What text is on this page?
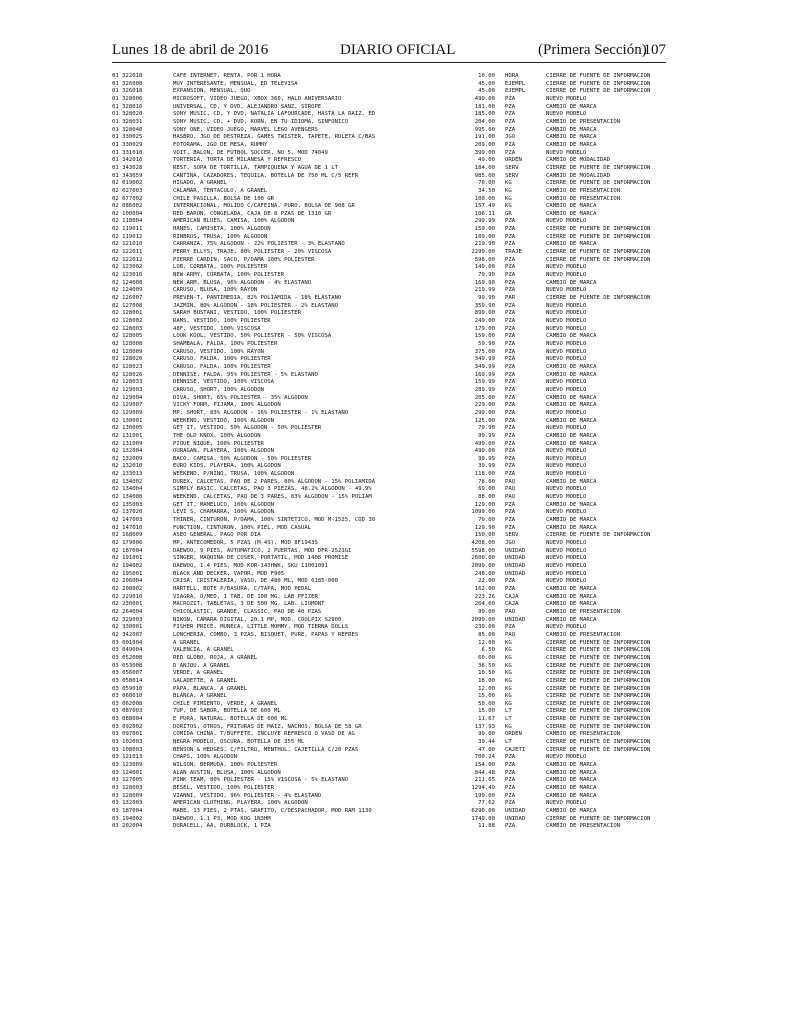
Lunes 18 de abril de 2016	DIARIO OFICIAL	(Primera Sección)
107
01 322018	CAFE INTERNET, RENTA, POR 1 HORA	10.00 HORA	CIERRE DE FUENTE DE INFORMACION
01 326008	MUY INTERESANTE, MENSUAL, ED TELEVISA	45.00 EJEMPL	CIERRE DE FUENTE DE INFORMACION
01 326018	EXPANSION, MENSUAL, QUO	45.00 EJEMPL	CIERRE DE FUENTE DE INFORMACION
01 328006	MICROSOFT, VIDEO JUEGO, XBOX 360, HALO ANIVERSARIO	499.00 PZA	NUEVO MODELO
01 328016	UNIVERSAL, CD, Y DVD, ALEJANDRO SANZ, SIROPE	181.00 PZA	CAMBIO DE MARCA
01 328020	SONY MUSIC, CD, Y DVD, NATALIA LAFOURCADE, HASTA LA RAIZ, ED	185.00 PZA	NUEVO MODELO
01 328031	SONY MUSIC, CD, + DVD, KORN, EN TU IDIOMA, SINFONICO	204.00 PZA	CAMBIO DE PRESENTACION
01 328040	SONY ONE, VIDEO JUEGO, MARVEL LEGO AVENGERS	995.00 PZA	CAMBIO DE MARCA
01 330025	HASBRO, JGO DE DESTREZA, GAMES TWISTER, TAPETE, RULETA C/BAS	191.00 JGO	CAMBIO DE MARCA
01 330029	FOTORAMA, JGO DE MESA, RUMMY	209.00 PZA	CAMBIO DE MARCA
01 331010	VOIT, BALON, DE FUTBOL SOCCER, NO 5, MOD 74049	399.00 PZA	NUEVO MODELO
01 342016	TORTERIA, TORTA DE MILANESA Y REFRESCO	49.00 ORDEN	CAMBIO DE MODALIDAD
01 343028	REST, SOPA DE TORTILLA, TAMPIQUEÑA Y AGUA DE 1 LT	184.00 SERV	CIERRE DE FUENTE DE INFORMACION
01 343059	CANTINA, CAZADORES, TEQUILA, BOTELLA DE 750 ML C/5 REFR	985.00 SERV	CAMBIO DE MODALIDAD
02 019002	HIGADO, A GRANEL	70.00 KG	CIERRE DE FUENTE DE INFORMACION
02 027003	CALAMAR, TENTACULO, A GRANEL	34.50 KG	CAMBIO DE PRESENTACION
02 077002	CHILE PASILLA, BOLSA DE 100 GR	100.00 KG	CAMBIO DE PRESENTACION
02 086002	INTERNACIONAL, MOLIDO C/CAFEINA, PURO, BOLSA DE 908 GR	157.49 KG	CAMBIO DE MARCA
02 100004	RED BARON, CONGELADA, CAJA DE 8 PZAS DE 1310 GR	106.11 GR	CAMBIO DE MARCA
02 118004	AMERICAN BLUES, CAMISA, 100% ALGODON	299.99 PZA	NUEVO MODELO
02 119011	HANES, CAMISETA, 100% ALGODON	159.00 PZA	CIERRE DE FUENTE DE INFORMACION
02 119012	RINBROS, TRUSA, 100% ALGODON	109.00 PZA	CIERRE DE FUENTE DE INFORMACION
02 121010	CARRANZA, 75% ALGODON - 22% POLIESTER - 3% ELASTANO	219.90 PZA	CAMBIO DE MARCA
02 122011	PERRY ELLYS, TRAJE, 80% POLIESTER - 20% VISCOSA	2299.00 TRAJE	CIERRE DE FUENTE DE INFORMACION
02 122012	PIERRE CARDIN, SACO, P/DAMA 100% POLIESTER	598.00 PZA	CIERRE DE FUENTE DE INFORMACION
02 123002	LOB, CORBATA, 100% POLIESTER	149.00 PZA	NUEVO MODELO
02 123016	NEW ARMY, CORBATA, 100% POLIESTER	79.90 PZA	NUEVO MODELO
02 124008	NEW ARM, BLUSA, 96% ALGODON - 4% ELASTANO	169.90 PZA	CAMBIO DE MARCA
02 124009	CARUSO, BLUSA, 100% RAYON	219.99 PZA	NUEVO MODELO
02 126007	PREVEN-T, PANTIMEDIA, 82% POLIAMIDA - 18% ELASTANO	99.90 PAR	CIERRE DE FUENTE DE INFORMACION
02 127008	JAZMIN, 80% ALGODON - 18% POLIESTER - 2% ELASTANO	359.90 PZA	NUEVO MODELO
02 128001	SARAH BUSTANI, VESTIDO, 100% POLIESTER	899.00 PZA	NUEVO MODELO
02 128002	RAMS, VESTIDO, 100% POLIESTER	249.00 PZA	NUEVO MODELO
02 128003	48F, VESTIDO, 100% VISCOSA	179.00 PZA	NUEVO MODELO
02 128005	LOOK KOOL, VESTIDO, 50% POLIESTER - 50% VISCOSA	159.00 PZA	CAMBIO DE MARCA
02 128008	SHAMBALA, FALDA, 100% POLIESTER	59.90 PZA	NUEVO MODELO
02 128009	CARUSO, VESTIDO, 100% RAYON	375.00 PZA	NUEVO MODELO
02 128020	CARUSO, FALDA, 100% POLIESTER	349.99 PZA	NUEVO MODELO
02 128023	CARUSO, FALDA, 100% POLIESTER	349.99 PZA	CAMBIO DE MARCA
02 128026	DENNISE, FALDA, 95% POLIESTER - 5% ELASTANO	169.99 PZA	CAMBIO DE MARCA
02 128033	DENNISE, VESTIDO, 100% VISCOSA	159.99 PZA	NUEVO MODELO
02 129003	CARUSO, SHORT, 100% ALGODON	289.99 PZA	NUEVO MODELO
02 129004	DIVA, SHORT, 65% POLIESTER - 35% ALGODON	205.00 PZA	CAMBIO DE MARCA
02 129007	VICKY FORM, PIJAMA, 100% ALGODON	229.00 PZA	CAMBIO DE MARCA
02 129009	MP, SHORT, 83% ALGODON - 16% POLIESTER - 1% ELASTANO	299.00 PZA	NUEVO MODELO
02 130001	WEEKEND, VESTIDO, 100% ALGODON	125.00 PZA	CAMBIO DE MARCA
02 130005	GET IT, VESTIDO, 50% ALGODON - 50% POLIESTER	79.90 PZA	NUEVO MODELO
02 131001	THE OLD KNOX, 100% ALGODON	99.99 PZA	CAMBIO DE MARCA
02 131009	PIQUE NIQUE, 100% POLIESTER	499.00 PZA	CAMBIO DE MARCA
02 132004	OURAGAN, PLAYERA, 100% ALGODON	499.00 PZA	NUEVO MODELO
02 132009	BACO, CAMISA, 50% ALGODON - 50% POLIESTER	99.99 PZA	NUEVO MODELO
02 132010	EURO KIDS, PLAYERA, 100% ALGODON	39.99 PZA	NUEVO MODELO
02 133013	WEEKEND, P/NIÑO, TRUSA, 100% ALGODON	118.00 PZA	NUEVO MODELO
02 134002	DUREX, CALCETAS, PAQ DE 2 PARES, 80% ALGODON - 15% POLIAMIDA	78.00 PAQ	CAMBIO DE MARCA
02 134004	SIMPLY BASIC, CALCETAS, PAQ 3 PIEZAS, 48.2% ALGODON - 49.9%	69.00 PAQ	NUEVO MODELO
02 134008	WEEKEND, CALCETAS, PAQ DE 3 PARES, 83% ALGODON - 15% POLIAM	88.00 PAQ	NUEVO MODELO
02 135003	GET IT, MAMELUCO, 100% ALGODON	129.00 PZA	CAMBIO DE MARCA
02 137020	LEVI´S, CHAMARRA, 100% ALGODON	1099.00 PZA	NUEVO MODELO
02 147003	THINER, CINTURON, P/DAMA, 100% SINTETICO, MOD M-1525, COD 30	79.00 PZA	CAMBIO DE MARCA
02 147010	FUNCTION, CINTURON, 100% PIEL, MOD CASUAL	129.90 PZA	CAMBIO DE MARCA
02 168009	ASEO GENERAL, PAGO POR DIA	150.00 SERV	CIERRE DE FUENTE DE INFORMACION
02 179006	MP, ANTECOMEDOR, 5 PZAS (M-4S), MOD 8F1943S	4208.00 JGO	NUEVO MODELO
02 187004	DAEWOO, 9 PIES, AUTOMATICO, 2 PUERTAS, MOD DFR-2521GI	5598.00 UNIDAD	NUEVO MODELO
02 191001	SINGER, MAQUINA DE COSER, PORTATIL, MOD 1408 PROMISE	2600.00 UNIDAD	NUEVO MODELO
02 194002	DAEWOO, 1.4 PIES, MOD KOR-143HWK, SKU 11001091	2099.00 UNIDAD	NUEVO MODELO
02 195001	BLACK AND DECKER, VAPOR, MOD F905	248.00 UNIDAD	NUEVO MODELO
02 206004	CRISA, CRISTALERIA, VASO, DE 480 ML, MOD 6185-000	22.00 PZA	NUEVO MODELO
02 208002	HARTELL, BOTE P/BASURA, C/TAPA, MOD PEDAL	162.00 PZA	CAMBIO DE MARCA
02 229010	VIAGRA, O/MED, 1 TAB, DE 100 MG, LAB PFIZER	223.26 CAJA	CAMBIO DE MARCA
02 230001	MACROZIT, TABLETAS, 3 DE 500 MG, LAB. LIOMONT	264.60 CAJA	CAMBIO DE MARCA
02 264004	CHICOLASTIC, GRANDE, CLASSIC, PAQ DE 40 PZAS	99.00 PAQ	CAMBIO DE PRESENTACION
02 329003	NIKON, CAMARA DIGITAL, 20.1 MP, MOD. COOLPIX S2900	2099.00 UNIDAD	CAMBIO DE MARCA
02 330001	FISHER PRICE, MUÑECA, LITTLE MOMMY, MOD TIERNA DOLLS	239.00 PZA	NUEVO MODELO
02 342007	LONCHERIA, COMBO, 3 PZAS, BISQUET, PURE, PAPAS Y REFRES	85.00 PAQ	CAMBIO DE PRESENTACION
03 001004	A GRANEL	12.00 KG	CIERRE DE FUENTE DE INFORMACION
03 049004	VALENCIA, A GRANEL	6.50 KG	CIERRE DE FUENTE DE INFORMACION
03 052008	RED GLOBO, ROJA, A GRANEL	60.00 KG	CIERRE DE FUENTE DE INFORMACION
03 053008	D´ANJOU, A GRANEL	36.50 KG	CIERRE DE FUENTE DE INFORMACION
03 056007	VERDE, A GRANEL	10.50 KG	CIERRE DE FUENTE DE INFORMACION
03 058014	SALADETTE, A GRANEL	18.00 KG	CIERRE DE FUENTE DE INFORMACION
03 059010	PAPA, BLANCA, A GRANEL	12.00 KG	CIERRE DE FUENTE DE INFORMACION
03 060010	BLANCA, A GRANEL	15.00 KG	CIERRE DE FUENTE DE INFORMACION
03 062008	CHILE PIMIENTO, VERDE, A GRANEL	50.00 KG	CIERRE DE FUENTE DE INFORMACION
03 087003	7UP, DE SABOR, BOTELLA DE 600 ML	15.00 LT	CIERRE DE FUENTE DE INFORMACION
03 088004	E PURA, NATURAL, BOTELLA DE 600 ML	11.67 LT	CIERRE DE FUENTE DE INFORMACION
03 092002	DORITOS, OTROS, FRITURAS DE MAIZ, NACHOS, BOLSA DE 58 GR	137.93 KG	CIERRE DE FUENTE DE INFORMACION
03 097001	COMIDA CHINA, T/BUFFETE, INCLUYE REFRESCO O VASO DE AG	99.00 ORDEN	CAMBIO DE PRESENTACION
03 102003	NEGRA MODELO, OSCURA, BOTELLA DE 355 ML	39.44 LT	CIERRE DE FUENTE DE INFORMACION
03 108003	BENSON & HEDGES, C/FILTRO, MENTHOL, CAJETILLA C/20 PZAS	47.00 CAJETI	CIERRE DE FUENTE DE INFORMACION
03 121013	CHAPS, 100% ALGODON	700.24 PZA	NUEVO MODELO
03 123009	WILSON, BERMUDA, 100% POLIESTER	154.00 PZA	CAMBIO DE MARCA
03 124001	ALAN AUSTIN, BLUSA, 100% ALGODON	844.48 PZA	CAMBIO DE MARCA
03 127005	PINK TEAM, 80% POLIESTER - 15% VISCOSA - 5% ELASTANO	211.65 PZA	CAMBIO DE MARCA
03 128003	BESEL, VESTIDO, 100% POLIESTER	1294.49 PZA	CAMBIO DE MARCA
03 128009	VIANNI, VESTIDO, 96% POLIESTER - 4% ELASTANO	199.00 PZA	CAMBIO DE MARCA
03 132003	AMERICAN CLOTHING, PLAYERA, 100% ALGODON	77.62 PZA	NUEVO MODELO
03 187004	MABE, 13 PIES, 2 PTAS, GRAFITO, C/DESPACHADOR, MOD RAM 1130	6290.00 UNIDAD	CAMBIO DE MARCA
03 194002	DAEWOO, 1.1 P3, MOD KOG 1N3HM	1749.00 UNIDAD	CIERRE DE FUENTE DE INFORMACION
03 202004	DURACELL, AA, DURBLOCK, 1 PZA	11.88 PZA	CAMBIO DE PRESENTACION
